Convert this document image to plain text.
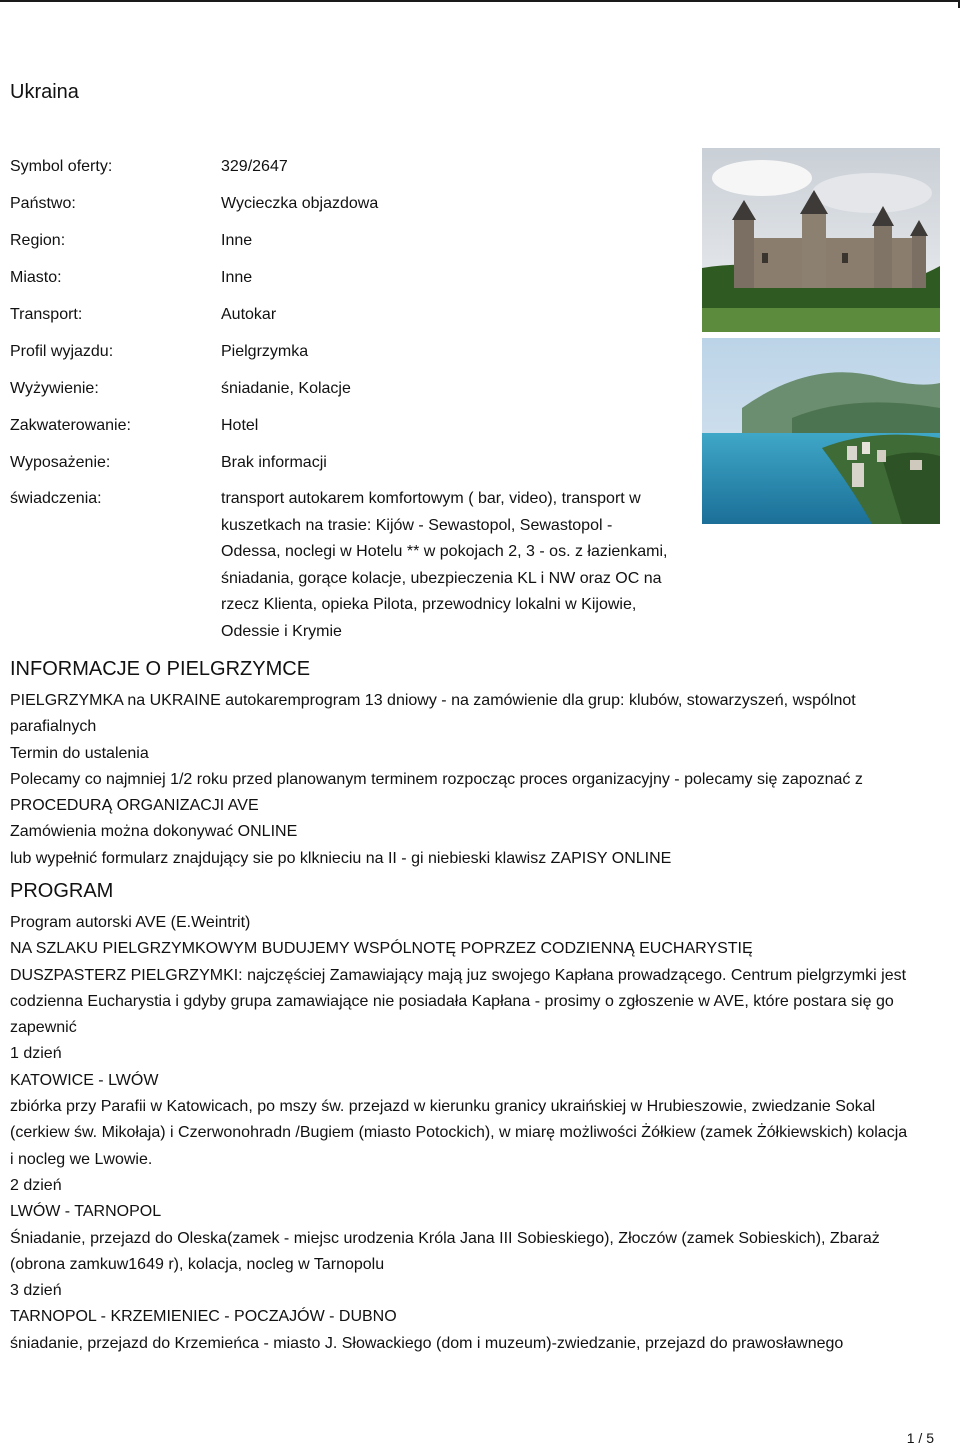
Ukraina
Symbol oferty:	329/2647
Państwo:	Wycieczka objazdowa
Region:	Inne
Miasto:	Inne
Transport:	Autokar
Profil wyjazdu:	Pielgrzymka
Wyżywienie:	śniadanie, Kolacje
Zakwaterowanie:	Hotel
Wyposażenie:	Brak informacji
świadczenia:	transport autokarem komfortowym ( bar, video), transport w
kuszetkach na trasie: Kijów - Sewastopol, Sewastopol -
Odessa, noclegi w Hotelu ** w pokojach 2, 3 - os. z łazienkami,
śniadania, gorące kolacje, ubezpieczenia KL i NW oraz OC na
rzecz Klienta, opieka Pilota, przewodnicy lokalni w Kijowie,
Odessie i Krymie
INFORMACJE O PIELGRZYMCE

PIELGRZYMKA na UKRAINE autokaremprogram 13 dniowy - na zamówienie dla grup: klubów, stowarzyszeń, wspólnot

parafialnych

Termin do ustalenia

Polecamy co najmniej 1/2 roku przed planowanym terminem rozpocząc proces organizacyjny - polecamy się zapoznać z

PROCEDURĄ ORGANIZACJI AVE

Zamówienia można dokonywać ONLINE

lub wypełnić formularz znajdujący sie po klknieciu na II - gi niebieski klawisz ZAPISY ONLINE

PROGRAM

Program autorski AVE (E.Weintrit)

NA SZLAKU PIELGRZYMKOWYM BUDUJEMY WSPÓLNOTĘ POPRZEZ CODZIENNĄ EUCHARYSTIĘ

DUSZPASTERZ PIELGRZYMKI: najczęściej Zamawiający mają juz swojego Kapłana prowadzącego. Centrum pielgrzymki jest

codzienna Eucharystia i gdyby grupa zamawiające nie posiadała Kapłana - prosimy o zgłoszenie w AVE, które postara się go

zapewnić

1 dzień

KATOWICE - LWÓW

zbiórka przy Parafii w Katowicach, po mszy św. przejazd w kierunku granicy ukraińskiej w Hrubieszowie, zwiedzanie Sokal

(cerkiew św. Mikołaja) i Czerwonohradn /Bugiem (miasto Potockich), w miarę możliwości Żółkiew (zamek Żółkiewskich) kolacja

i nocleg we Lwowie.

2 dzień

LWÓW - TARNOPOL

Śniadanie, przejazd do Oleska(zamek - miejsc urodzenia Króla Jana III Sobieskiego), Złoczów (zamek Sobieskich), Zbaraż

(obrona zamkuw1649 r), kolacja, nocleg w Tarnopolu

3 dzień

TARNOPOL - KRZEMIENIEC - POCZAJÓW - DUBNO

śniadanie, przejazd do Krzemieńca - miasto J. Słowackiego (dom i muzeum)-zwiedzanie, przejazd do prawosławnego

1 / 5
